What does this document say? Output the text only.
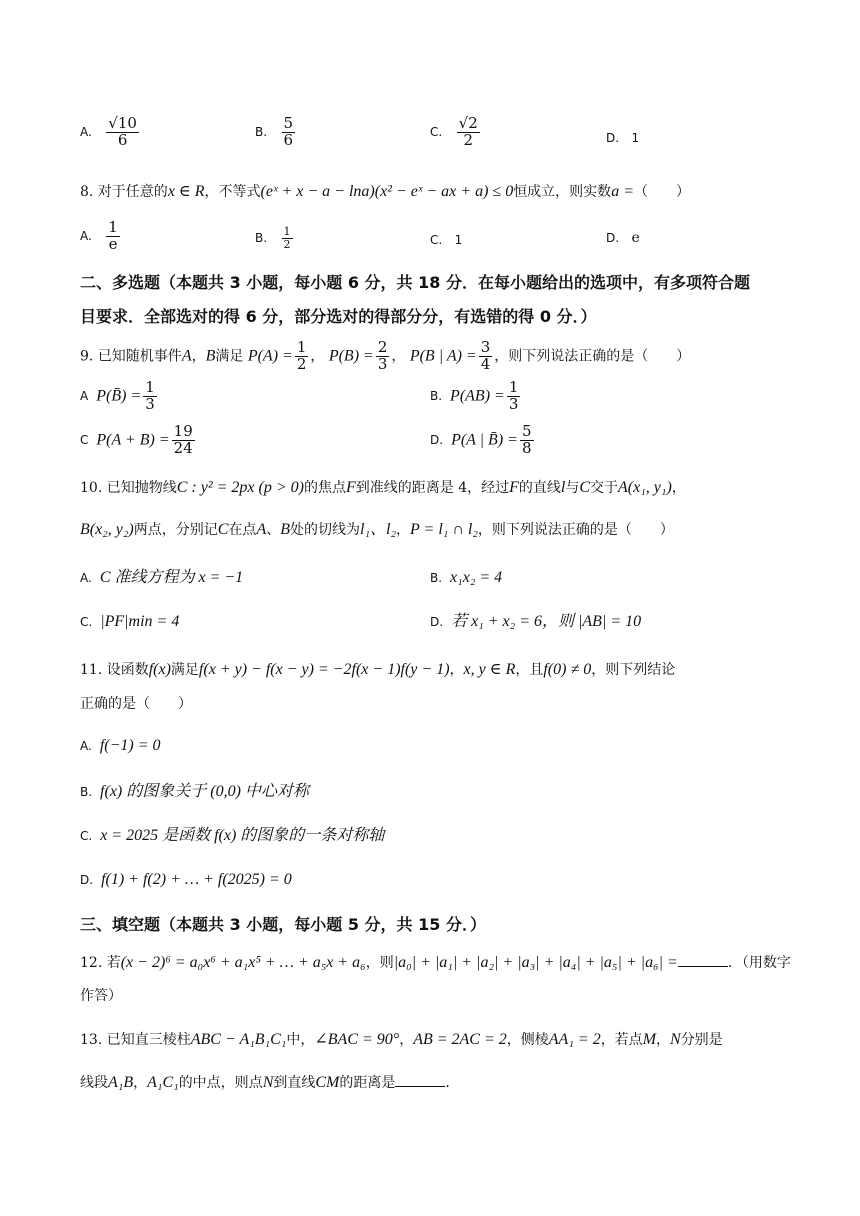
A. $\frac{√10}{6}$	B. $\frac{5}{6}$	C. $\frac{√2}{2}$	D. 1
8. 对于任意的x ∈ R，不等式(eˣ + x − a − lna)(x² − eˣ − ax + a) ≤ 0恒成立，则实数a =（　　）
A. $\frac{1}{e}$	B. $\frac{1}{2}$	C. 1	D. e
二、多选题（本题共 3 小题，每小题 6 分，共 18 分．在每小题给出的选项中，有多项符合题
目要求．全部选对的得 6 分，部分选对的得部分分，有选错的得 0 分．）
9. 已知随机事件A，B满足 $P(A) = \frac{1}{2}$ ， $P(B) = \frac{2}{3}$ ， P(B | $A) = \frac{3}{4}$ ，则下列说法正确的是（　　）
A P(B̄) = $\frac{1}{3}$	B. $P(AB) = \frac{1}{3}$
C $P(A + B) = \frac{19}{24}$	D. P(A | B̄) = $\frac{5}{8}$
10. 已知抛物线C : y² = 2px (p > 0)的焦点F到准线的距离是 4，经过F的直线l与C交于A(x₁, y₁)，
B(x₂, y₂)两点，分别记C在点A、B处的切线为l₁、l₂，P = l₁ ∩ l₂，则下列说法正确的是（　　）
A. C 准线方程为 x = −1	B. x₁x₂ = 4
C. |PF|min = 4	D. 若 x₁ + x₂ = 6，则 |AB| = 10
11. 设函数f(x)满足f(x + y) − f(x − y) = −2f(x − 1)f(y − 1)，x, y ∈ R，且f(0) ≠ 0，则下列结论
正确的是（　　）
A. f(−1) = 0
B. f(x) 的图象关于 (0,0) 中心对称
C. x = 2025 是函数 f(x) 的图象的一条对称轴
D. f(1) + f(2) + … + f(2025) = 0
三、填空题（本题共 3 小题，每小题 5 分，共 15 分．）
12. 若(x − 2)⁶ = a₀x⁶ + a₁x⁵ + … + a₅x + a₆，则|a₀| + |a₁| + |a₂| + |a₃| + |a₄| + |a₅| + |a₆| =	．（用数字
作答）
13. 已知直三棱柱ABC − A₁B₁C₁中，∠BAC = 90°，AB = 2AC = 2，侧棱AA₁ = 2，若点M，N分别是
线段A₁B，A₁C₁的中点，则点N到直线CM的距离是	．
